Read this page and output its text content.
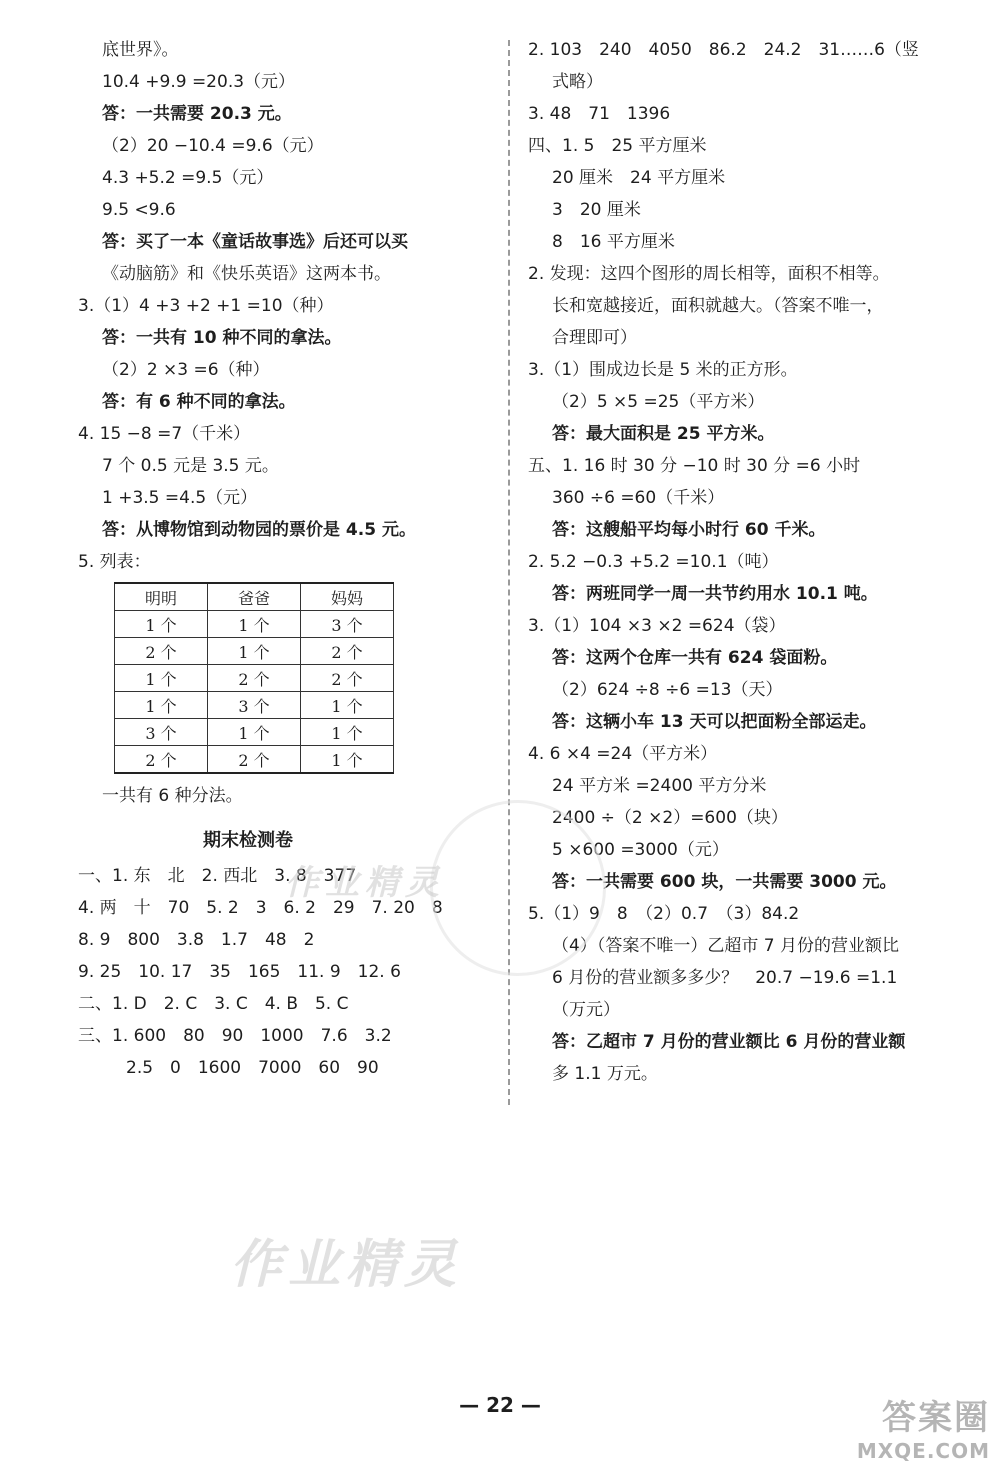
底世界》。
10.4 +9.9 =20.3（元）
答：一共需要 20.3 元。
（2）20 −10.4 =9.6（元）
4.3 +5.2 =9.5（元）
9.5 <9.6
答：买了一本《童话故事选》后还可以买
《动脑筋》和《快乐英语》这两本书。
3.（1）4 +3 +2 +1 =10（种）
答：一共有 10 种不同的拿法。
（2）2 ×3 =6（种）
答：有 6 种不同的拿法。
4. 15 −8 =7（千米）
7 个 0.5 元是 3.5 元。
1 +3.5 =4.5（元）
答：从博物馆到动物园的票价是 4.5 元。
5. 列表：
明明	爸爸	妈妈
1 个	1 个	3 个
2 个	1 个	2 个
1 个	2 个	2 个
1 个	3 个	1 个
3 个	1 个	1 个
2 个	2 个	1 个
一共有 6 种分法。
期末检测卷
一、1. 东　北　2. 西北　3. 8　377
4. 两　十　70　5. 2　3　6. 2　29　7. 20　8
8. 9　800　3.8　1.7　48　2
9. 25　10. 17　35　165　11. 9　12. 6
二、1. D　2. C　3. C　4. B　5. C
三、1. 600　80　90　1000　7.6　3.2
2.5　0　1600　7000　60　90
2. 103　240　4050　86.2　24.2　31……6（竖
式略）
3. 48　71　1396
四、1. 5　25 平方厘米
20 厘米　24 平方厘米
3　20 厘米
8　16 平方厘米
2. 发现：这四个图形的周长相等，面积不相等。
长和宽越接近，面积就越大。（答案不唯一，
合理即可）
3.（1）围成边长是 5 米的正方形。
（2）5 ×5 =25（平方米）
答：最大面积是 25 平方米。
五、1. 16 时 30 分 −10 时 30 分 =6 小时
360 ÷6 =60（千米）
答：这艘船平均每小时行 60 千米。
2. 5.2 −0.3 +5.2 =10.1（吨）
答：两班同学一周一共节约用水 10.1 吨。
3.（1）104 ×3 ×2 =624（袋）
答：这两个仓库一共有 624 袋面粉。
（2）624 ÷8 ÷6 =13（天）
答：这辆小车 13 天可以把面粉全部运走。
4. 6 ×4 =24（平方米）
24 平方米 =2400 平方分米
2400 ÷（2 ×2）=600（块）
5 ×600 =3000（元）
答：一共需要 600 块，一共需要 3000 元。
5.（1）9　8　（2）0.7　（3）84.2
（4）（答案不唯一）乙超市 7 月份的营业额比
6 月份的营业额多多少？　20.7 −19.6 =1.1
（万元）
答：乙超市 7 月份的营业额比 6 月份的营业额
多 1.1 万元。
作业精灵
作业精灵
— 22 —	答案圈
MXQE.COM
